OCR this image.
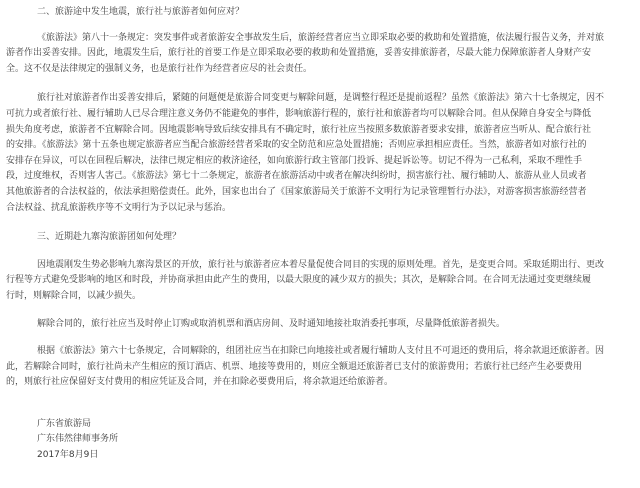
二、旅游途中发生地震，旅行社与旅游者如何应对？
《旅游法》第八十一条规定：突发事件或者旅游安全事故发生后，旅游经营者应当立即采取必要的救助和处置措施，依法履行报告义务，并对旅
游者作出妥善安排。因此，地震发生后，旅行社的首要工作是立即采取必要的救助和处置措施，妥善安排旅游者，尽最大能力保障旅游者人身财产安
全。这不仅是法律规定的强制义务，也是旅行社作为经营者应尽的社会责任。
旅行社对旅游者作出妥善安排后，紧随的问题便是旅游合同变更与解除问题，是调整行程还是提前返程？虽然《旅游法》第六十七条规定，因不
可抗力或者旅行社、履行辅助人已尽合理注意义务仍不能避免的事件，影响旅游行程的，旅行社和旅游者均可以解除合同。但从保障自身安全与降低
损失角度考虑，旅游者不宜解除合同。因地震影响导致后续安排具有不确定时，旅行社应当按照多数旅游者要求安排，旅游者应当听从、配合旅行社
的安排。《旅游法》第十五条也规定旅游者应当配合旅游经营者采取的安全防范和应急处置措施；否则应承担相应责任。当然，旅游者如对旅行社的
安排存在异议，可以在回程后解决，法律已规定相应的救济途径，如向旅游行政主管部门投诉、提起诉讼等。切记不得为一己私利，采取不理性手
段，过度维权，否则害人害己。《旅游法》第七十二条规定，旅游者在旅游活动中或者在解决纠纷时，损害旅行社、履行辅助人、旅游从业人员或者
其他旅游者的合法权益的，依法承担赔偿责任。此外，国家也出台了《国家旅游局关于旅游不文明行为记录管理暂行办法》，对游客损害旅游经营者
合法权益、扰乱旅游秩序等不文明行为予以记录与惩治。
三、近期赴九寨沟旅游团如何处理？
因地震刚发生势必影响九寨沟景区的开放，旅行社与旅游者应本着尽量促使合同目的实现的原则处理。首先，是变更合同。采取延期出行、更改
行程等方式避免受影响的地区和时段，并协商承担由此产生的费用，以最大限度的减少双方的损失；其次，是解除合同。在合同无法通过变更继续履
行时，则解除合同，以减少损失。
解除合同的，旅行社应当及时停止订购或取消机票和酒店房间、及时通知地接社取消委托事项，尽量降低旅游者损失。
根据《旅游法》第六十七条规定，合同解除的，组团社应当在扣除已向地接社或者履行辅助人支付且不可退还的费用后，将余款退还旅游者。因
此，若解除合同时，旅行社尚未产生相应的预订酒店、机票、地接等费用的，则应全额退还旅游者已支付的旅游费用；若旅行社已经产生必要费用
的，则旅行社应保留好支付费用的相应凭证及合同，并在扣除必要费用后，将余款退还给旅游者。
广东省旅游局
广东伟然律师事务所
2017年8月9日
